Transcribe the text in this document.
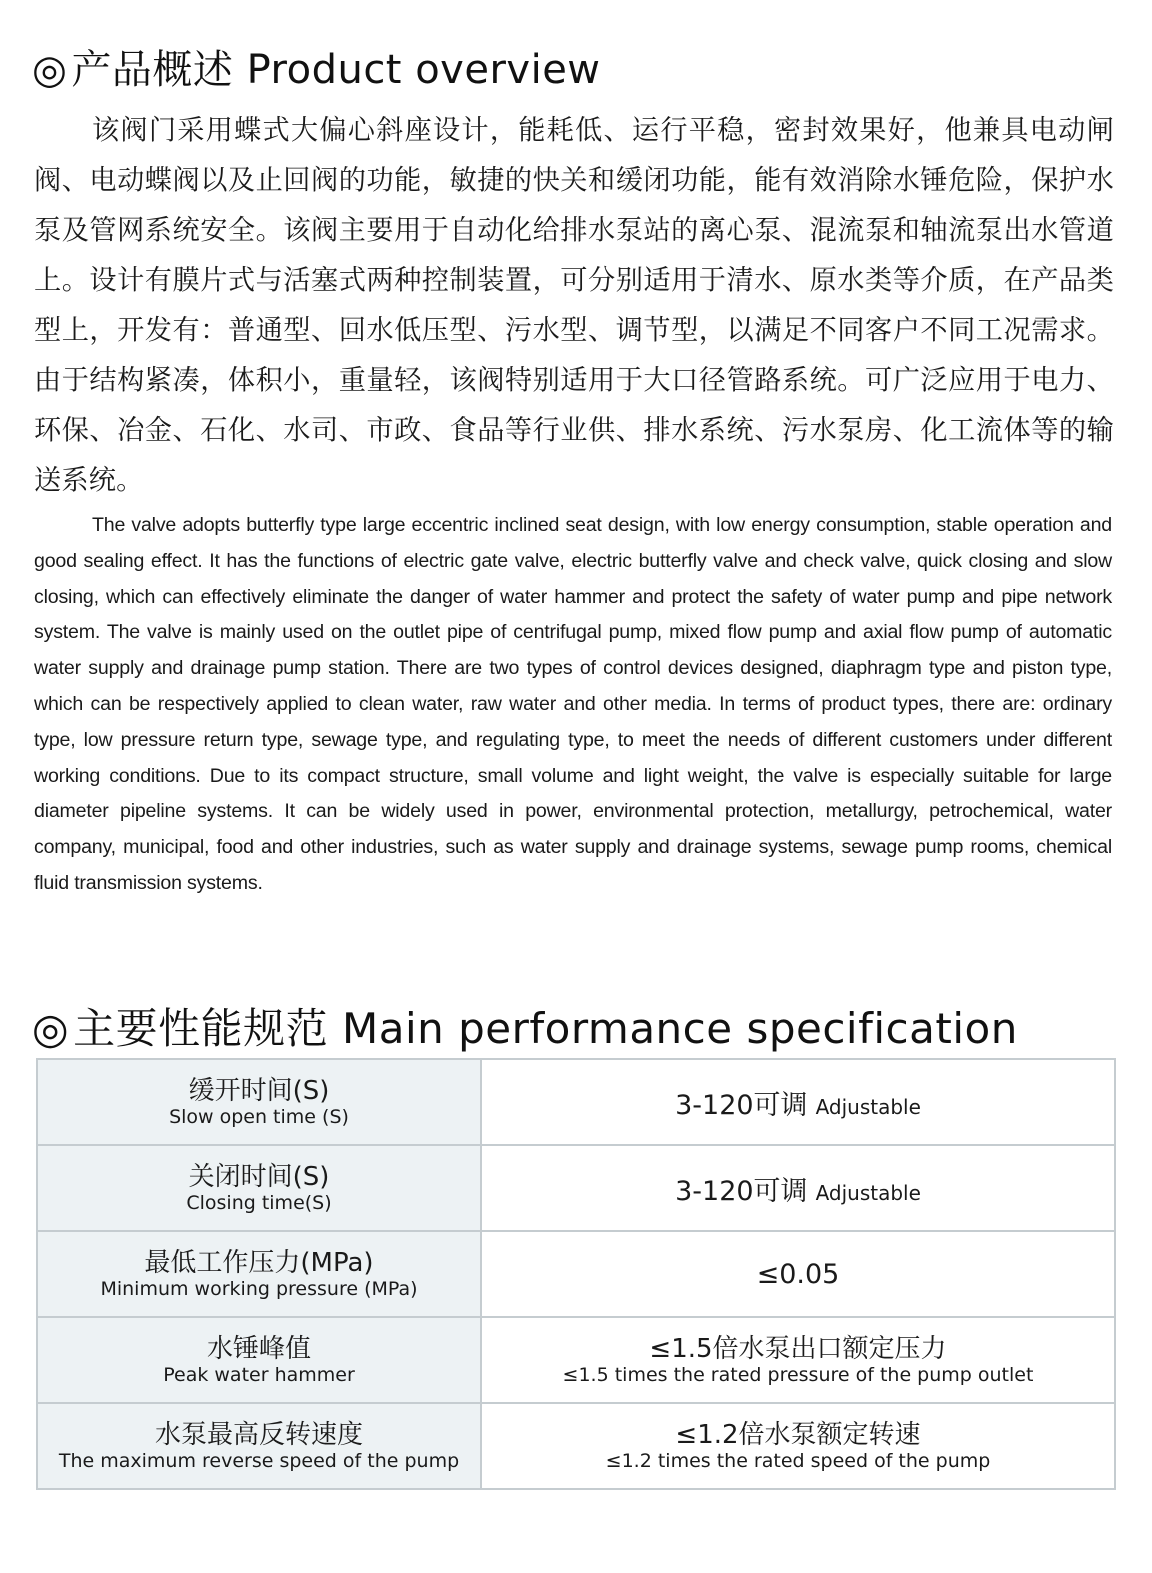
◎ 产品概述 Product overview

该阀门采用蝶式大偏心斜座设计，能耗低、运行平稳，密封效果好，他兼具电动闸阀、电动蝶阀以及止回阀的功能，敏捷的快关和缓闭功能，能有效消除水锤危险，保护水泵及管网系统安全。该阀主要用于自动化给排水泵站的离心泵、混流泵和轴流泵出水管道上。设计有膜片式与活塞式两种控制装置，可分别适用于清水、原水类等介质，在产品类型上，开发有：普通型、回水低压型、污水型、调节型，以满足不同客户不同工况需求。由于结构紧凑，体积小，重量轻，该阀特别适用于大口径管路系统。可广泛应用于电力、环保、冶金、石化、水司、市政、食品等行业供、排水系统、污水泵房、化工流体等的输送系统。

The valve adopts butterfly type large eccentric inclined seat design, with low energy consumption, stable operation and good sealing effect. It has the functions of electric gate valve, electric butterfly valve and check valve, quick closing and slow closing, which can effectively eliminate the danger of water hammer and protect the safety of water pump and pipe network system. The valve is mainly used on the outlet pipe of centrifugal pump, mixed flow pump and axial flow pump of automatic water supply and drainage pump station. There are two types of control devices designed, diaphragm type and piston type, which can be respectively applied to clean water, raw water and other media. In terms of product types, there are: ordinary type, low pressure return type, sewage type, and regulating type, to meet the needs of different customers under different working conditions. Due to its compact structure, small volume and light weight, the valve is especially suitable for large diameter pipeline systems. It can be widely used in power, environmental protection, metallurgy, petrochemical, water company, municipal, food and other industries, such as water supply and drainage systems, sewage pump rooms, chemical fluid transmission systems.

◎主要性能规范 Main performance specification
缓开时间(S)
Slow open time (S)	3-120可调 Adjustable

关闭时间(S)
Closing time(S)	3-120可调 Adjustable

最低工作压力(MPa)
Minimum working pressure (MPa)	≤0.05

水锤峰值
Peak water hammer	≤1.5倍水泵出口额定压力
≤1.5 times the rated pressure of the pump outlet

水泵最高反转速度
The maximum reverse speed of the pump	≤1.2倍水泵额定转速
≤1.2 times the rated speed of the pump
